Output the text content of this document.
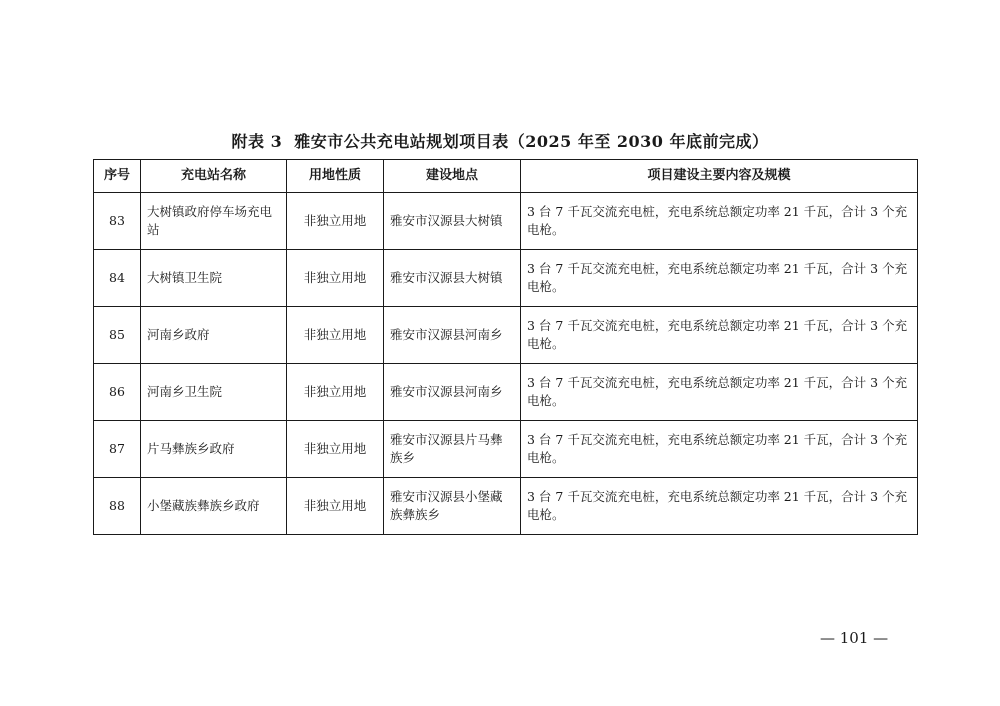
附表 3 雅安市公共充电站规划项目表（2025 年至 2030 年底前完成）
序号	充电站名称	用地性质	建设地点	项目建设主要内容及规模
83	大树镇政府停车场充电站	非独立用地	雅安市汉源县大树镇	3 台 7 千瓦交流充电桩，充电系统总额定功率 21 千瓦，合计 3 个充电枪。
84	大树镇卫生院	非独立用地	雅安市汉源县大树镇	3 台 7 千瓦交流充电桩，充电系统总额定功率 21 千瓦，合计 3 个充电枪。
85	河南乡政府	非独立用地	雅安市汉源县河南乡	3 台 7 千瓦交流充电桩，充电系统总额定功率 21 千瓦，合计 3 个充电枪。
86	河南乡卫生院	非独立用地	雅安市汉源县河南乡	3 台 7 千瓦交流充电桩，充电系统总额定功率 21 千瓦，合计 3 个充电枪。
87	片马彝族乡政府	非独立用地	雅安市汉源县片马彝族乡	3 台 7 千瓦交流充电桩，充电系统总额定功率 21 千瓦，合计 3 个充电枪。
88	小堡藏族彝族乡政府	非独立用地	雅安市汉源县小堡藏族彝族乡	3 台 7 千瓦交流充电桩，充电系统总额定功率 21 千瓦，合计 3 个充电枪。
— 101 —
